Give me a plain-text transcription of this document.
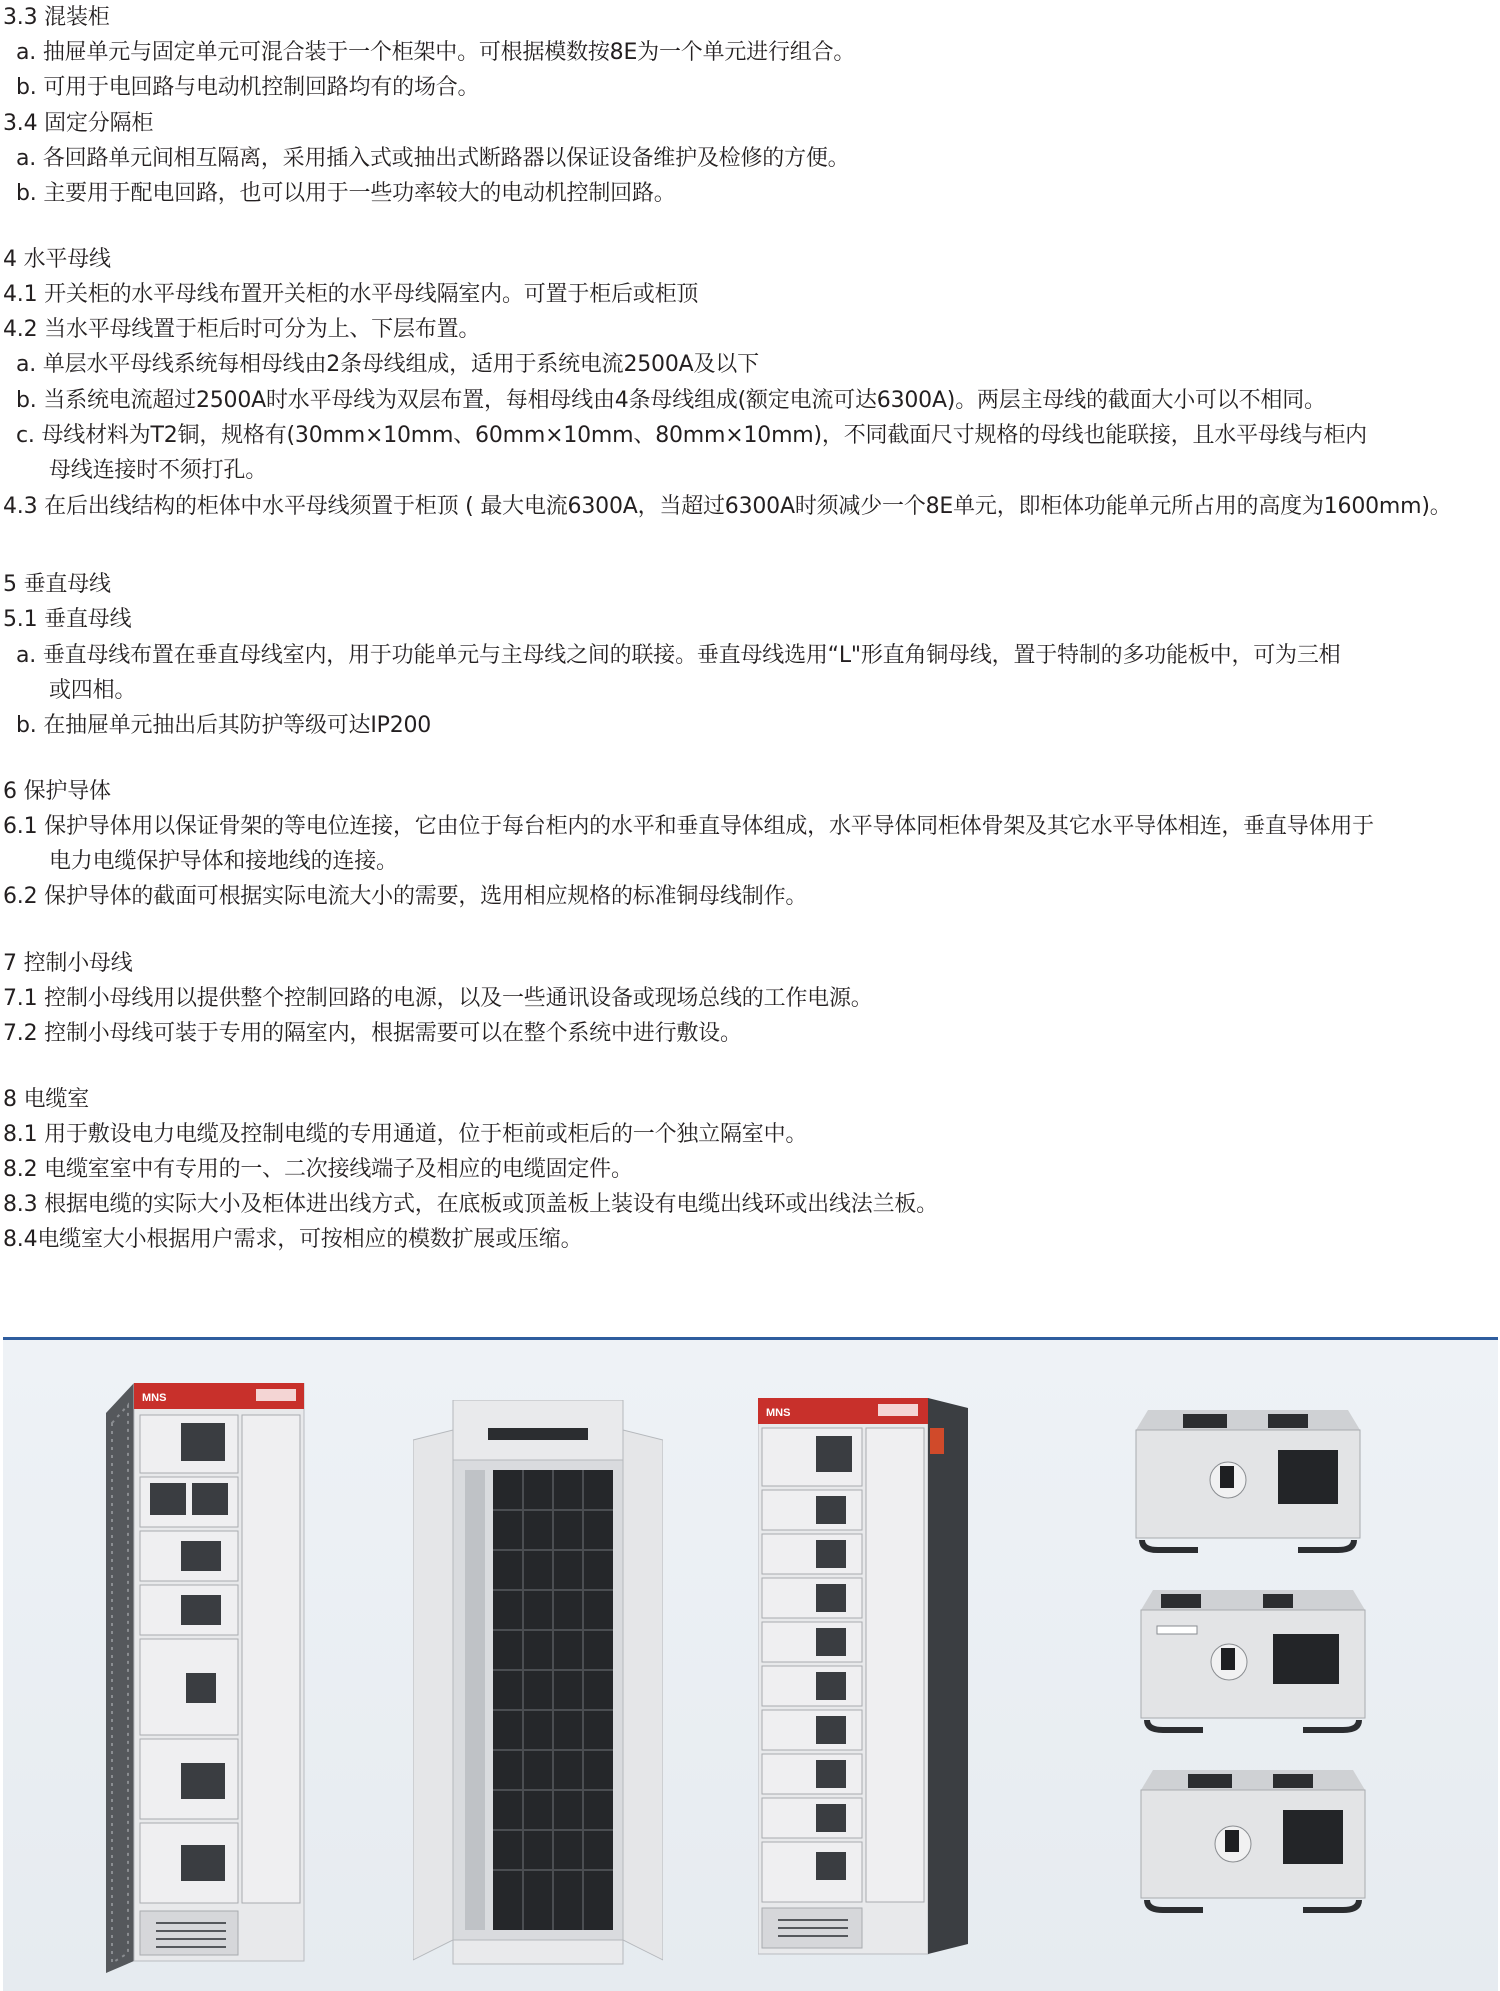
3.3 混装柜
a. 抽屉单元与固定单元可混合装于一个柜架中。可根据模数按8E为一个单元进行组合。
b. 可用于电回路与电动机控制回路均有的场合。
3.4 固定分隔柜
a. 各回路单元间相互隔离，采用插入式或抽出式断路器以保证设备维护及检修的方便。
b. 主要用于配电回路，也可以用于一些功率较大的电动机控制回路。
4 水平母线
4.1 开关柜的水平母线布置开关柜的水平母线隔室内。可置于柜后或柜顶
4.2 当水平母线置于柜后时可分为上、下层布置。
a. 单层水平母线系统每相母线由2条母线组成，适用于系统电流2500A及以下
b. 当系统电流超过2500A时水平母线为双层布置，每相母线由4条母线组成(额定电流可达6300A)。两层主母线的截面大小可以不相同。
c. 母线材料为T2铜，规格有(30mm×10mm、60mm×10mm、80mm×10mm)，不同截面尺寸规格的母线也能联接，且水平母线与柜内
母线连接时不须打孔。
4.3 在后出线结构的柜体中水平母线须置于柜顶 ( 最大电流6300A，当超过6300A时须减少一个8E单元，即柜体功能单元所占用的高度为1600mm)。
5 垂直母线
5.1 垂直母线
a. 垂直母线布置在垂直母线室内，用于功能单元与主母线之间的联接。垂直母线选用“L"形直角铜母线，置于特制的多功能板中，可为三相
或四相。
b. 在抽屉单元抽出后其防护等级可达IP200
6 保护导体
6.1 保护导体用以保证骨架的等电位连接，它由位于每台柜内的水平和垂直导体组成，水平导体同柜体骨架及其它水平导体相连，垂直导体用于
电力电缆保护导体和接地线的连接。
6.2 保护导体的截面可根据实际电流大小的需要，选用相应规格的标准铜母线制作。
7 控制小母线
7.1 控制小母线用以提供整个控制回路的电源，以及一些通讯设备或现场总线的工作电源。
7.2 控制小母线可装于专用的隔室内，根据需要可以在整个系统中进行敷设。
8 电缆室
8.1 用于敷设电力电缆及控制电缆的专用通道，位于柜前或柜后的一个独立隔室中。
8.2 电缆室室中有专用的一、二次接线端子及相应的电缆固定件。
8.3 根据电缆的实际大小及柜体进出线方式，在底板或顶盖板上装设有电缆出线环或出线法兰板。
8.4电缆室大小根据用户需求，可按相应的模数扩展或压缩。
MNS
MNS
